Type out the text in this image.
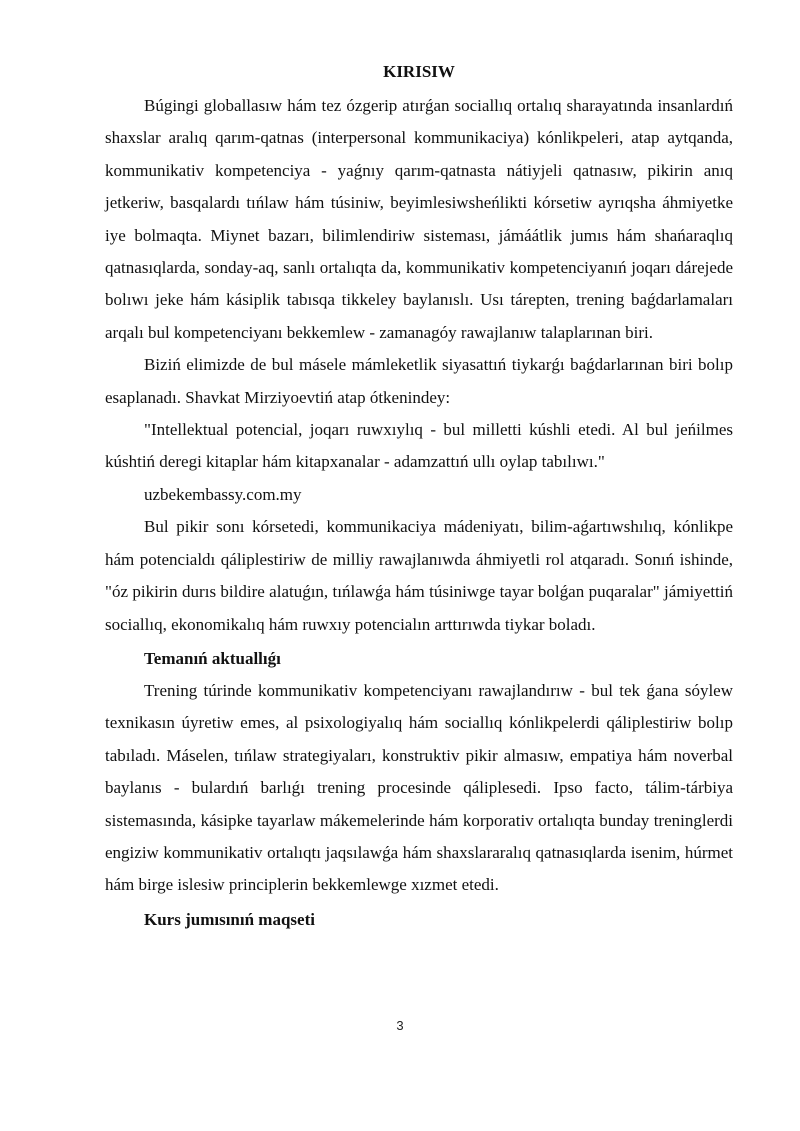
KIRISIW

Búgingi globallasıw hám tez ózgerip atırǵan sociallıq ortalıq sharayatında insanlardıń shaxslar aralıq qarım-qatnas (interpersonal kommunikaciya) kónlikpeleri, atap aytqanda, kommunikativ kompetenciya - yaǵnıy qarım-qatnasta nátiyjeli qatnasıw, pikirin anıq jetkeriw, basqalardı tıńlaw hám túsiniw, beyimlesiwsheńlikti kórsetiw ayrıqsha áhmiyetke iye bolmaqta. Miynet bazarı, bilimlendiriw sisteması, jámáátlik jumıs hám shańaraqlıq qatnasıqlarda, sonday-aq, sanlı ortalıqta da, kommunikativ kompetenciyanıń joqarı dárejede bolıwı jeke hám kásiplik tabısqa tikkeley baylanıslı. Usı tárepten, trening baǵdarlamaları arqalı bul kompetenciyanı bekkemlew - zamanagóy rawajlanıw talaplarınan biri.

Biziń elimizde de bul másele mámleketlik siyasattıń tiykarǵı baǵdarlarınan biri bolıp esaplanadı. Shavkat Mirziyoevtiń atap ótkenindey:

"Intellektual potencial, joqarı ruwxıylıq - bul milletti kúshli etedi. Al bul jeńilmes kúshtiń deregi kitaplar hám kitapxanalar - adamzattıń ullı oylap tabılıwı."

uzbekembassy.com.my

Bul pikir sonı kórsetedi, kommunikaciya mádeniyatı, bilim-aǵartıwshılıq, kónlikpe hám potencialdı qáliplestiriw de milliy rawajlanıwda áhmiyetli rol atqaradı. Sonıń ishinde, "óz pikirin durıs bildire alatuǵın, tıńlawǵa hám túsiniwge tayar bolǵan puqaralar" jámiyettiń sociallıq, ekonomikalıq hám ruwxıy potencialın arttırıwda tiykar boladı.

Temanıń aktuallıǵı

Trening túrinde kommunikativ kompetenciyanı rawajlandırıw - bul tek ǵana sóylew texnikasın úyretiw emes, al psixologiyalıq hám sociallıq kónlikpelerdi qáliplestiriw bolıp tabıladı. Máselen, tıńlaw strategiyaları, konstruktiv pikir almasıw, empatiya hám noverbal baylanıs - bulardıń barlıǵı trening procesinde qáliplesedi. Ipso facto, tálim-tárbiya sistemasında, kásipke tayarlaw mákemelerinde hám korporativ ortalıqta bunday treninglerdi engiziw kommunikativ ortalıqtı jaqsılawǵa hám shaxslararalıq qatnasıqlarda isenim, húrmet hám birge islesiw principlerin bekkemlewge xızmet etedi.

Kurs jumısınıń maqseti
3
